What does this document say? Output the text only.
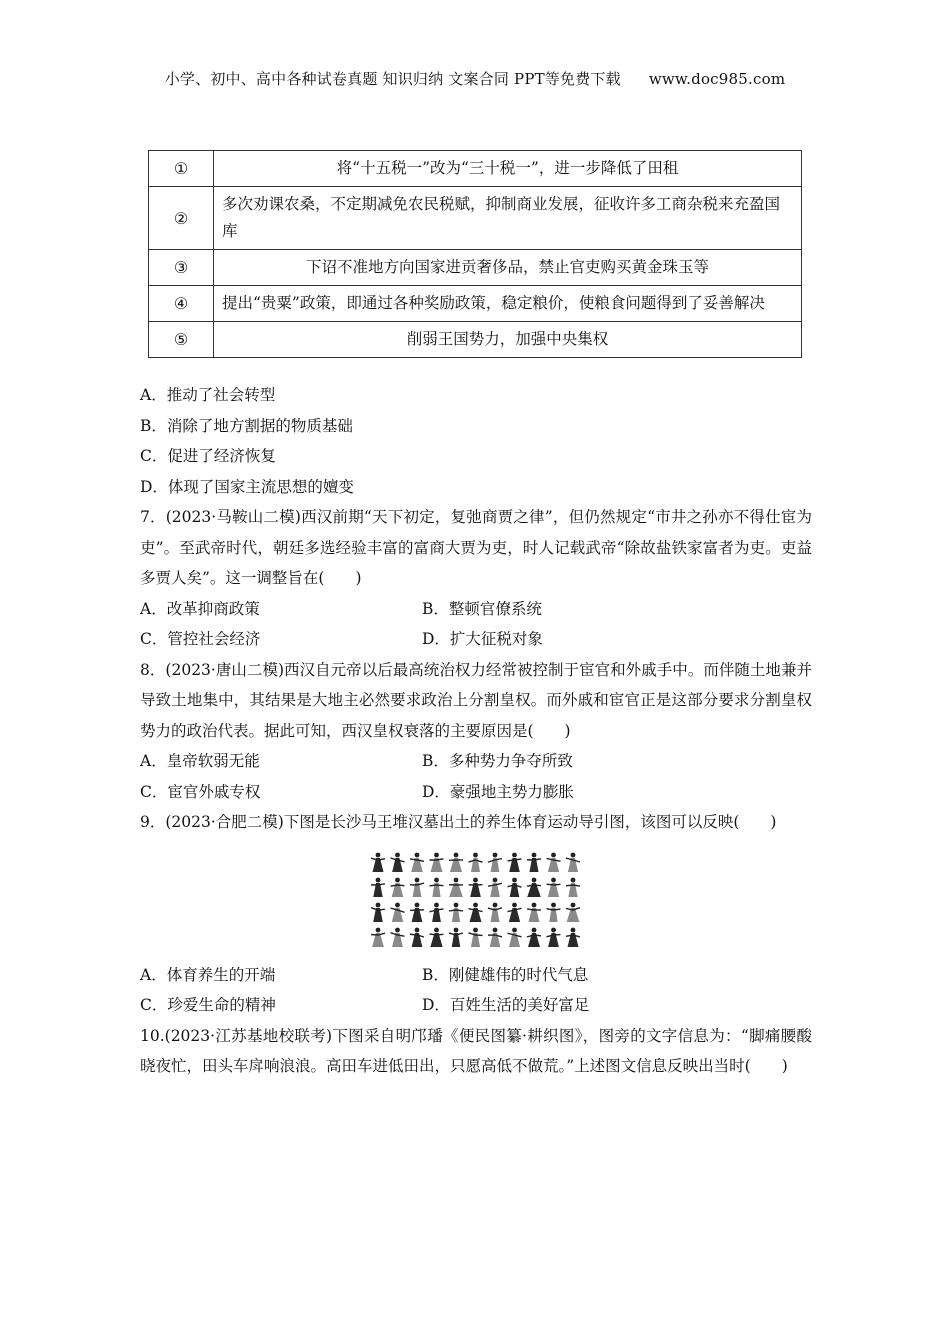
小学、初中、高中各种试卷真题 知识归纳 文案合同 PPT等免费下载 www.doc985.com
①	将“十五税一”改为“三十税一”，进一步降低了田租
②	多次劝课农桑，不定期减免农民税赋，抑制商业发展，征收许多工商杂税来充盈国库
③	下诏不准地方向国家进贡奢侈品，禁止官吏购买黄金珠玉等
④	提出“贵粟”政策，即通过各种奖励政策，稳定粮价，使粮食问题得到了妥善解决
⑤	削弱王国势力，加强中央集权

A．推动了社会转型

B．消除了地方割据的物质基础

C．促进了经济恢复

D．体现了国家主流思想的嬗变

7．(2023·马鞍山二模)西汉前期“天下初定，复弛商贾之律”，但仍然规定“市井之孙亦不得仕宦为吏”。至武帝时代，朝廷多选经验丰富的富商大贾为吏，时人记载武帝“除故盐铁家富者为吏。吏益多贾人矣”。这一调整旨在(　　)

A．改革抑商政策	B．整顿官僚系统
C．管控社会经济	D．扩大征税对象

8．(2023·唐山二模)西汉自元帝以后最高统治权力经常被控制于宦官和外戚手中。而伴随土地兼并导致土地集中，其结果是大地主必然要求政治上分割皇权。而外戚和宦官正是这部分要求分割皇权势力的政治代表。据此可知，西汉皇权衰落的主要原因是(　　)

A．皇帝软弱无能	B．多种势力争夺所致
C．宦官外戚专权	D．豪强地主势力膨胀

9．(2023·合肥二模)下图是长沙马王堆汉墓出土的养生体育运动导引图，该图可以反映(　　)

A．体育养生的开端	B．刚健雄伟的时代气息
C．珍爱生命的精神	D．百姓生活的美好富足

10.(2023·江苏基地校联考)下图采自明邝璠《便民图纂·耕织图》，图旁的文字信息为：“脚痛腰酸晓夜忙，田头车戽响浪浪。高田车进低田出，只愿高低不做荒。”上述图文信息反映出当时(　　)
